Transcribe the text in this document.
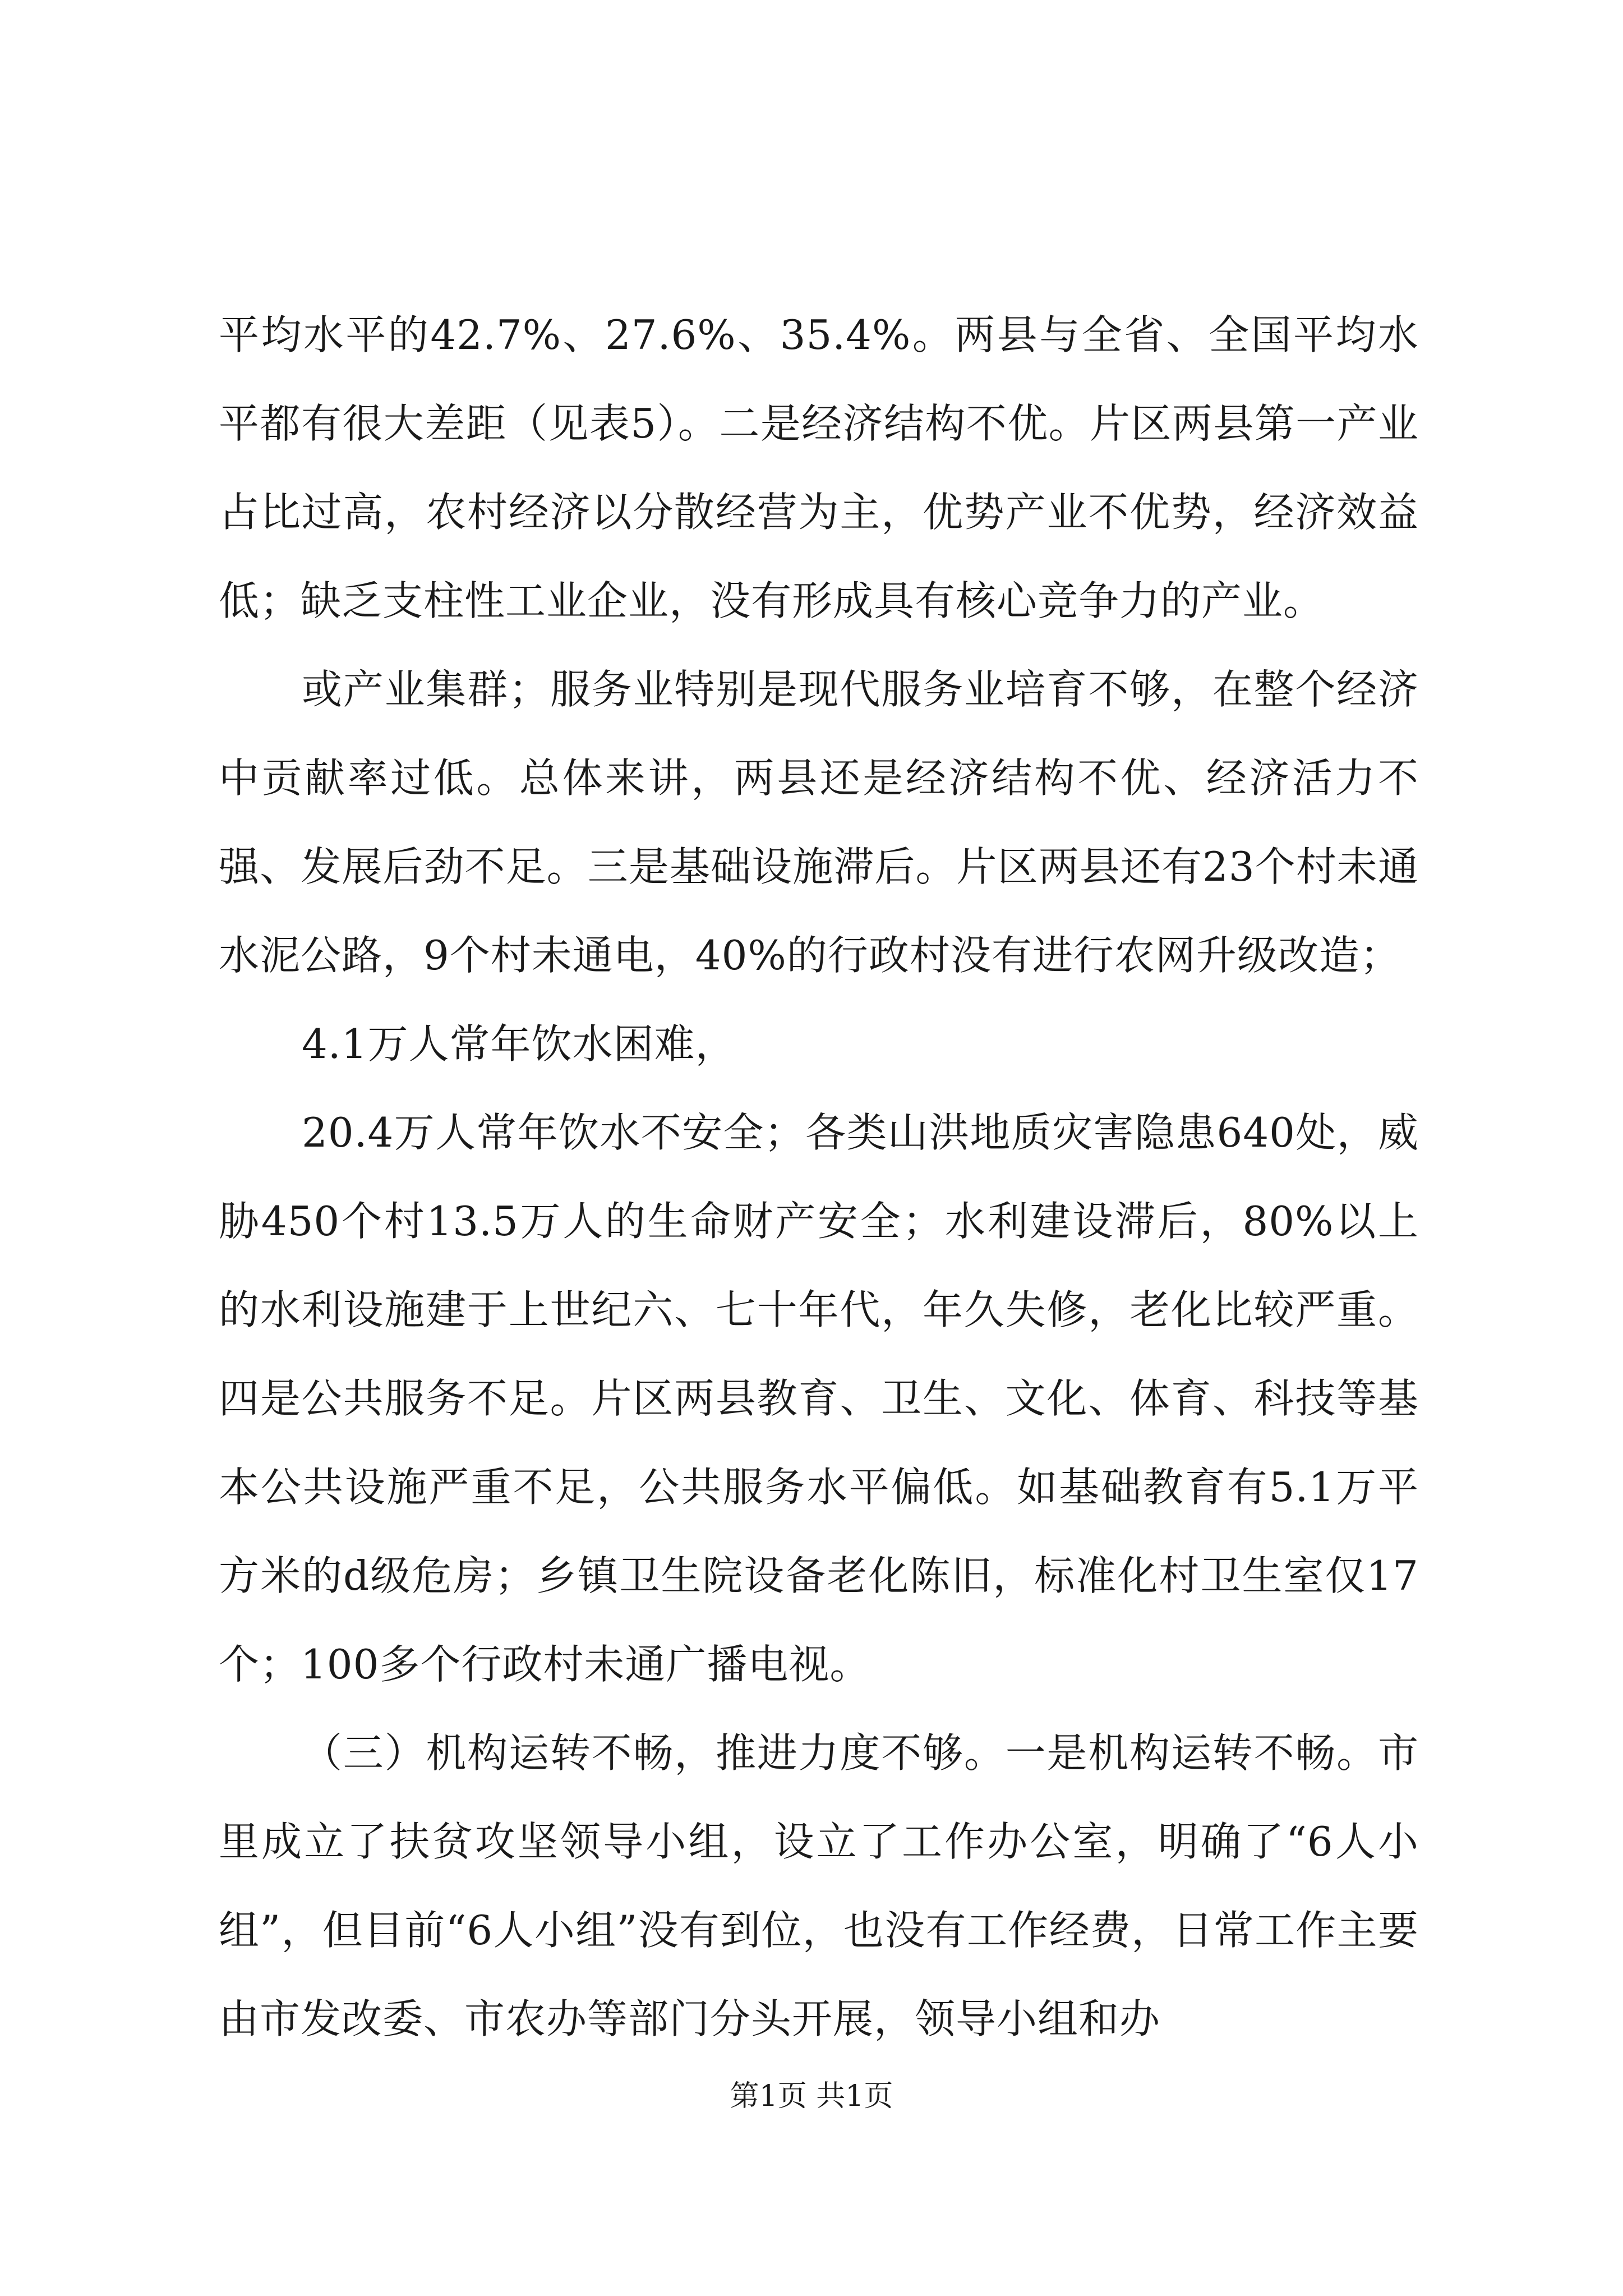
平均水平的42.7%、27.6%、35.4%。两县与全省、全国平均水平都有很大差距（见表5）。二是经济结构不优。片区两县第一产业占比过高，农村经济以分散经营为主，优势产业不优势，经济效益低；缺乏支柱性工业企业，没有形成具有核心竞争力的产业。

或产业集群；服务业特别是现代服务业培育不够，在整个经济中贡献率过低。总体来讲，两县还是经济结构不优、经济活力不强、发展后劲不足。三是基础设施滞后。片区两县还有23个村未通水泥公路，9个村未通电，40%的行政村没有进行农网升级改造；

4.1万人常年饮水困难，

20.4万人常年饮水不安全；各类山洪地质灾害隐患640处，威胁450个村13.5万人的生命财产安全；水利建设滞后，80%以上的水利设施建于上世纪六、七十年代，年久失修，老化比较严重。四是公共服务不足。片区两县教育、卫生、文化、体育、科技等基本公共设施严重不足，公共服务水平偏低。如基础教育有5.1万平方米的d级危房；乡镇卫生院设备老化陈旧，标准化村卫生室仅17个；100多个行政村未通广播电视。

（三）机构运转不畅，推进力度不够。一是机构运转不畅。市里成立了扶贫攻坚领导小组，设立了工作办公室，明确了“6人小组”，但目前“6人小组”没有到位，也没有工作经费，日常工作主要由市发改委、市农办等部门分头开展，领导小组和办

第1页 共1页
